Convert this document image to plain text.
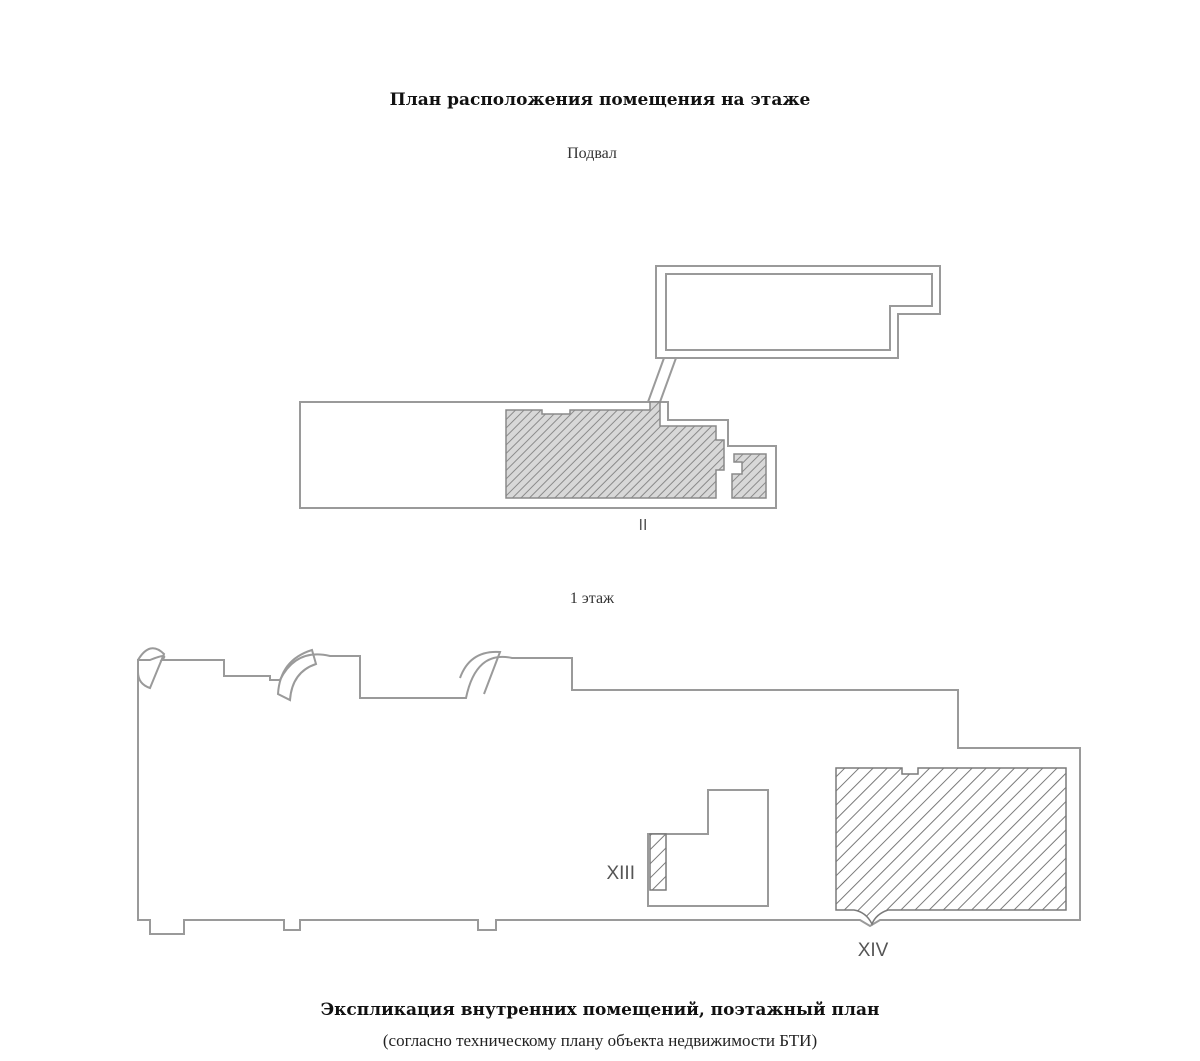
План расположения помещения на этаже
Подвал
1 этаж
II
XIII
XIV
Экспликация внутренних помещений, поэтажный план
(согласно техническому плану объекта недвижимости БТИ)
